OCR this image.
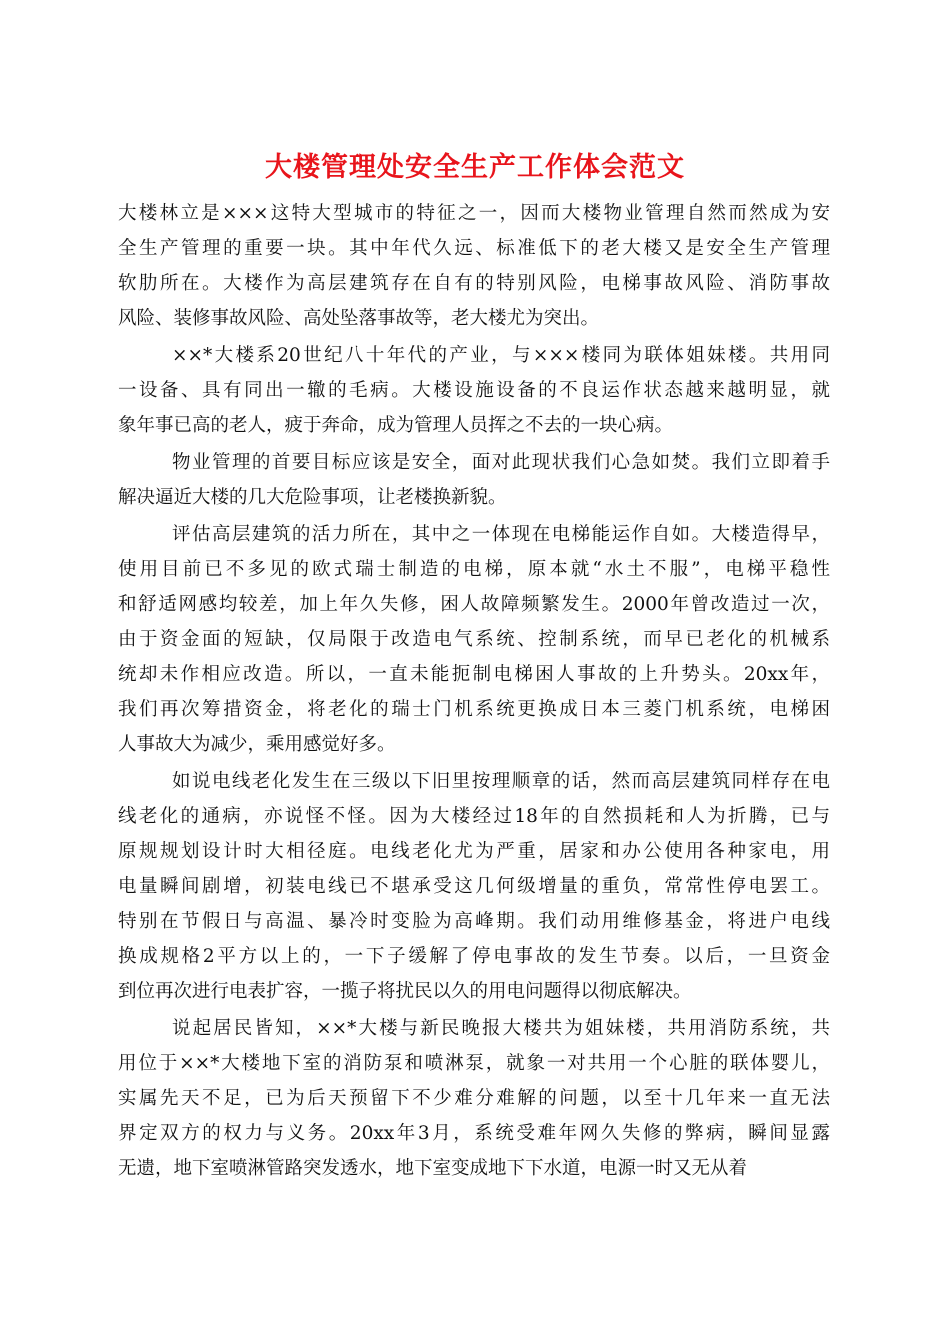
大楼管理处安全生产工作体会范文
大楼林立是×××这特大型城市的特征之一，因而大楼物业管理自然而然成为安
全生产管理的重要一块。其中年代久远、标准低下的老大楼又是安全生产管理
软肋所在。大楼作为高层建筑存在自有的特别风险，电梯事故风险、消防事故
风险、装修事故风险、高处坠落事故等，老大楼尤为突出。
××*大楼系20世纪八十年代的产业，与×××楼同为联体姐妹楼。共用同
一设备、具有同出一辙的毛病。大楼设施设备的不良运作状态越来越明显，就
象年事已高的老人，疲于奔命，成为管理人员挥之不去的一块心病。
物业管理的首要目标应该是安全，面对此现状我们心急如焚。我们立即着手
解决逼近大楼的几大危险事项，让老楼换新貌。
评估高层建筑的活力所在，其中之一体现在电梯能运作自如。大楼造得早，
使用目前已不多见的欧式瑞士制造的电梯，原本就“水土不服”，电梯平稳性
和舒适网感均较差，加上年久失修，困人故障频繁发生。2000年曾改造过一次，
由于资金面的短缺，仅局限于改造电气系统、控制系统，而早已老化的机械系
统却未作相应改造。所以，一直未能扼制电梯困人事故的上升势头。20xx年，
我们再次筹措资金，将老化的瑞士门机系统更换成日本三菱门机系统，电梯困
人事故大为减少，乘用感觉好多。
如说电线老化发生在三级以下旧里按理顺章的话，然而高层建筑同样存在电
线老化的通病，亦说怪不怪。因为大楼经过18年的自然损耗和人为折腾，已与
原规规划设计时大相径庭。电线老化尤为严重，居家和办公使用各种家电，用
电量瞬间剧增，初装电线已不堪承受这几何级增量的重负，常常性停电罢工。
特别在节假日与高温、暴冷时变脸为高峰期。我们动用维修基金，将进户电线
换成规格2平方以上的，一下子缓解了停电事故的发生节奏。以后，一旦资金
到位再次进行电表扩容，一揽子将扰民以久的用电问题得以彻底解决。
说起居民皆知，××*大楼与新民晚报大楼共为姐妹楼，共用消防系统，共
用位于××*大楼地下室的消防泵和喷淋泵，就象一对共用一个心脏的联体婴儿，
实属先天不足，已为后天预留下不少难分难解的问题，以至十几年来一直无法
界定双方的权力与义务。20xx年3月，系统受难年网久失修的弊病，瞬间显露
无遗，地下室喷淋管路突发透水，地下室变成地下下水道，电源一时又无从着
